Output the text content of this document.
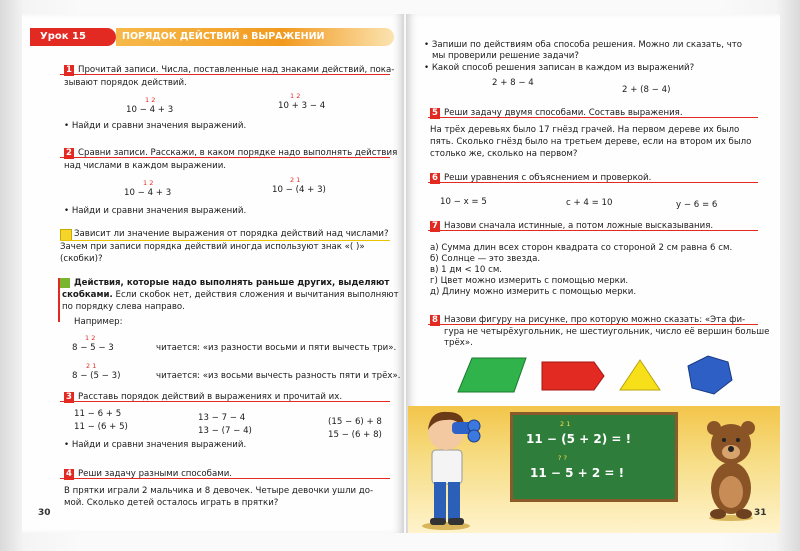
Урок 15	ПОРЯДОК ДЕЙСТВИЙ в ВЫРАЖЕНИИ
1 Прочитай записи. Числа, поставленные над знаками действий, пока-
зывают порядок действий.
1 2
10 − 4 + 3
1 2
10 + 3 − 4
• Найди и сравни значения выражений.
2 Сравни записи. Расскажи, в каком порядке надо выполнять действия
над числами в каждом выражении.
1 2
10 − 4 + 3
2 1
10 − (4 + 3)
• Найди и сравни значения выражений.
Зависит ли значение выражения от порядка действий над числами?
Зачем при записи порядка действий иногда используют знак «( )»
(скобки)?
Действия, которые надо выполнять раньше других, выделяют
скобками. Если скобок нет, действия сложения и вычитания выполняют
по порядку слева направо.
Например:
1 2
8 − 5 − 3	читается: «из разности восьми и пяти вычесть три».
2 1
8 − (5 − 3)	читается: «из восьми вычесть разность пяти и трёх».
3 Расставь порядок действий в выражениях и прочитай их.
11 − 6 + 5
11 − (6 + 5)
13 − 7 − 4
13 − (7 − 4)
(15 − 6) + 8
15 − (6 + 8)
• Найди и сравни значения выражений.
4 Реши задачу разными способами.
В прятки играли 2 мальчика и 8 девочек. Четыре девочки ушли до-
мой. Сколько детей осталось играть в прятки?
30
• Запиши по действиям оба способа решения. Можно ли сказать, что
мы проверили решение задачи?
• Какой способ решения записан в каждом из выражений?
2 + 8 − 4
2 + (8 − 4)
5 Реши задачу двумя способами. Составь выражения.
На трёх деревьях было 17 гнёзд грачей. На первом дереве их было
пять. Сколько гнёзд было на третьем дереве, если на втором их было
столько же, сколько на первом?
6 Реши уравнения с объяснением и проверкой.
10 − x = 5	c + 4 = 10	y − 6 = 6
7 Назови сначала истинные, а потом ложные высказывания.
а) Сумма длин всех сторон квадрата со стороной 2 см равна 6 см.
б) Солнце — это звезда.
в) 1 дм < 10 см.
г) Цвет можно измерить с помощью мерки.
д) Длину можно измерить с помощью мерки.
8 Назови фигуру на рисунке, про которую можно сказать: «Эта фи-
гура не четырёхугольник, не шестиугольник, число её вершин больше
трёх».
2 1
11 − (5 + 2) = !
? ?
11 − 5 + 2 = !
31
